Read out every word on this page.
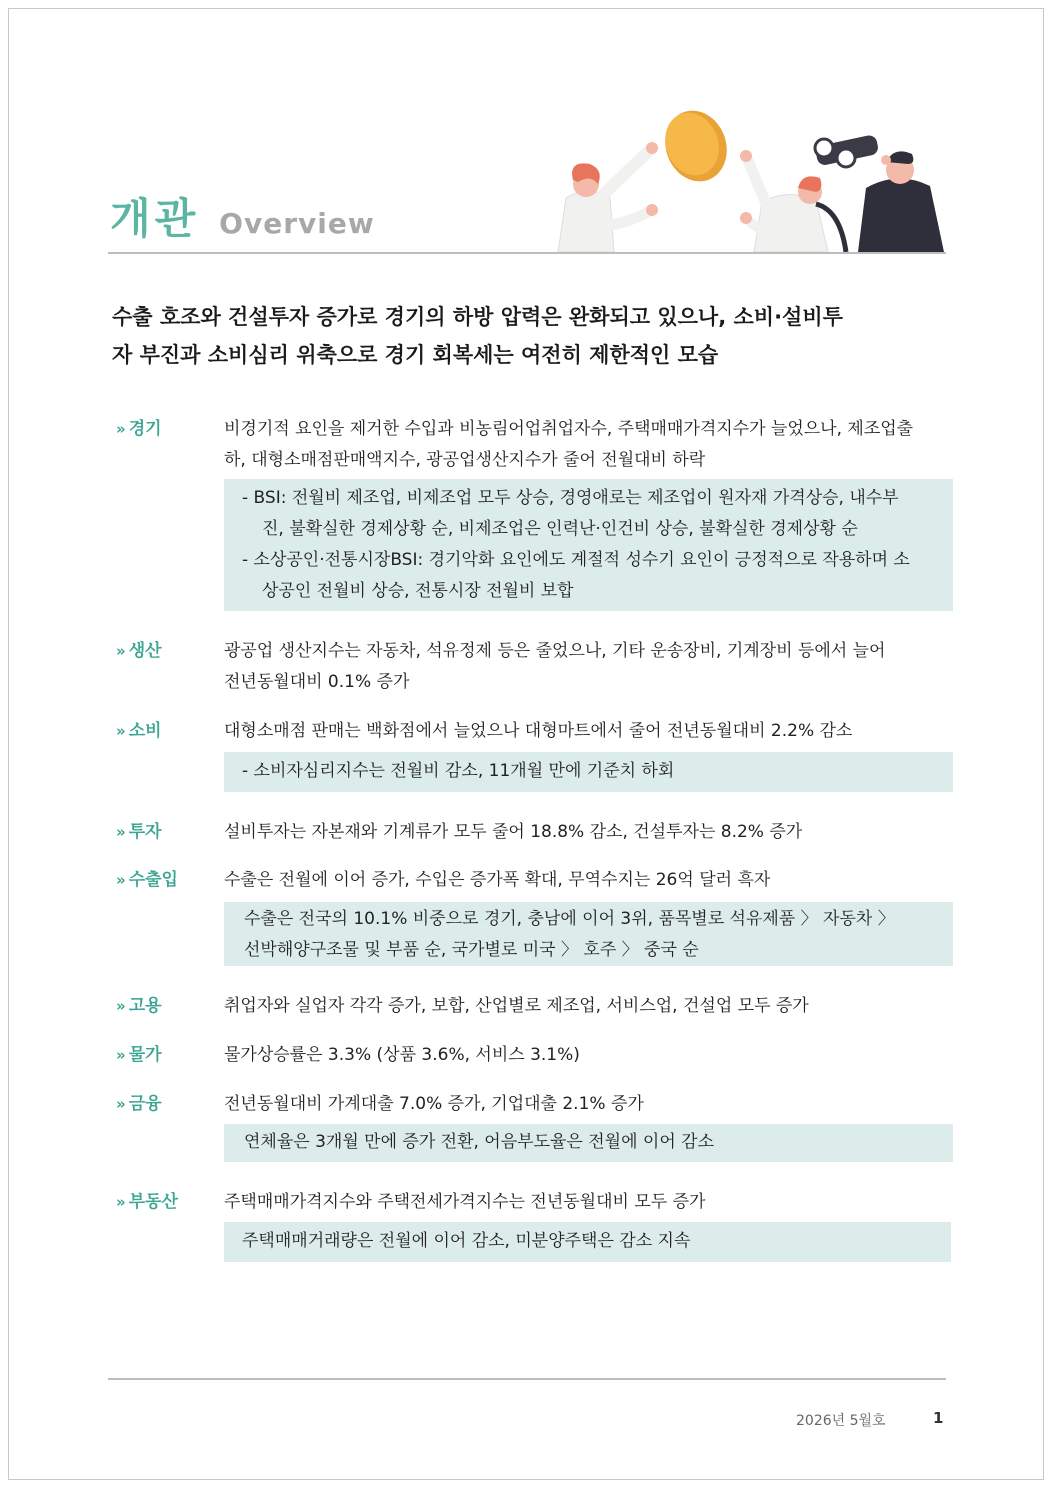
개관 Overview
수출 호조와 건설투자 증가로 경기의 하방 압력은 완화되고 있으나, 소비·설비투
자 부진과 소비심리 위축으로 경기 회복세는 여전히 제한적인 모습
» 경기	비경기적 요인을 제거한 수입과 비농림어업취업자수, 주택매매가격지수가 늘었으나, 제조업출
하, 대형소매점판매액지수, 광공업생산지수가 줄어 전월대비 하락
- BSI: 전월비 제조업, 비제조업 모두 상승, 경영애로는 제조업이 원자재 가격상승, 내수부
진, 불확실한 경제상황 순, 비제조업은 인력난·인건비 상승, 불확실한 경제상황 순
- 소상공인·전통시장BSI: 경기악화 요인에도 계절적 성수기 요인이 긍정적으로 작용하며 소
상공인 전월비 상승, 전통시장 전월비 보합
» 생산	광공업 생산지수는 자동차, 석유정제 등은 줄었으나, 기타 운송장비, 기계장비 등에서 늘어
전년동월대비 0.1% 증가
» 소비	대형소매점 판매는 백화점에서 늘었으나 대형마트에서 줄어 전년동월대비 2.2% 감소
- 소비자심리지수는 전월비 감소, 11개월 만에 기준치 하회
» 투자	설비투자는 자본재와 기계류가 모두 줄어 18.8% 감소, 건설투자는 8.2% 증가
» 수출입	수출은 전월에 이어 증가, 수입은 증가폭 확대, 무역수지는 26억 달러 흑자
수출은 전국의 10.1% 비중으로 경기, 충남에 이어 3위, 품목별로 석유제품 〉 자동차 〉
선박해양구조물 및 부품 순, 국가별로 미국 〉 호주 〉 중국 순
» 고용	취업자와 실업자 각각 증가, 보합, 산업별로 제조업, 서비스업, 건설업 모두 증가
» 물가	물가상승률은 3.3% (상품 3.6%, 서비스 3.1%)
» 금융	전년동월대비 가계대출 7.0% 증가, 기업대출 2.1% 증가
연체율은 3개월 만에 증가 전환, 어음부도율은 전월에 이어 감소
» 부동산	주택매매가격지수와 주택전세가격지수는 전년동월대비 모두 증가
주택매매거래량은 전월에 이어 감소, 미분양주택은 감소 지속
2026년 5월호	1
